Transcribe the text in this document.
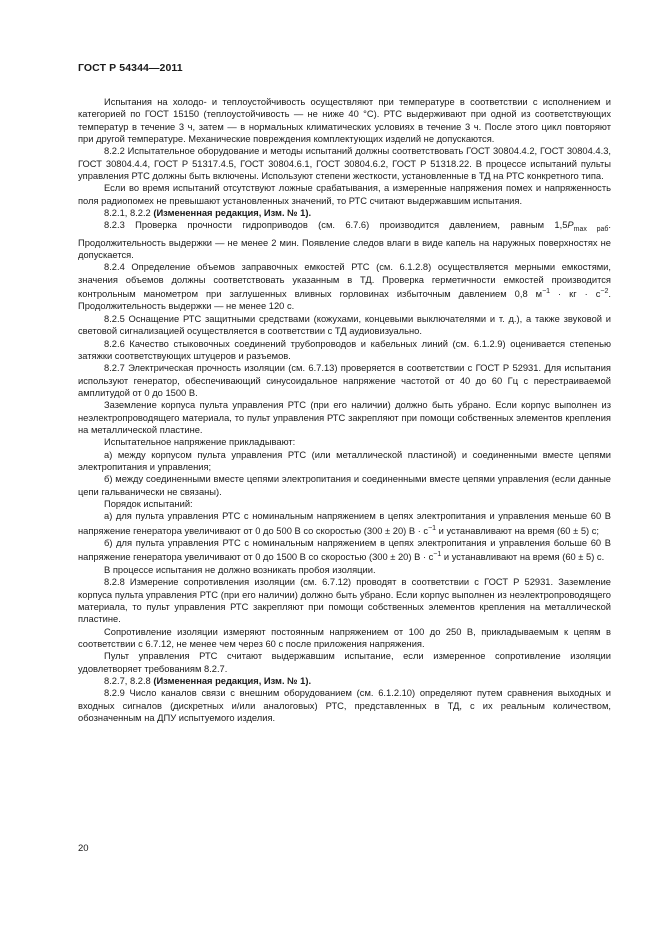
ГОСТ Р 54344—2011

Испытания на холодо- и теплоустойчивость осуществляют при температуре в соответствии с исполнением и категорией по ГОСТ 15150 (теплоустойчивость — не ниже 40 °С). РТС выдерживают при одной из соответствующих температур в течение 3 ч, затем — в нормальных климатических условиях в течение 3 ч. После этого цикл повторяют при другой температуре. Механические повреждения комплектующих изделий не допускаются.

8.2.2 Испытательное оборудование и методы испытаний должны соответствовать ГОСТ 30804.4.2, ГОСТ 30804.4.3, ГОСТ 30804.4.4, ГОСТ Р 51317.4.5, ГОСТ 30804.6.1, ГОСТ 30804.6.2, ГОСТ Р 51318.22. В процессе испытаний пульты управления РТС должны быть включены. Используют степени жесткости, установленные в ТД на РТС конкретного типа.

Если во время испытаний отсутствуют ложные срабатывания, а измеренные напряжения помех и напряженность поля радиопомех не превышают установленных значений, то РТС считают выдержавшим испытания.

8.2.1, 8.2.2 (Измененная редакция, Изм. № 1).

8.2.3 Проверка прочности гидроприводов (см. 6.7.6) производится давлением, равным $1,5P_{max раб}$. Продолжительность выдержки — не менее 2 мин. Появление следов влаги в виде капель на наружных поверхностях не допускается.

8.2.4 Определение объемов заправочных емкостей РТС (см. 6.1.2.8) осуществляется мерными емкостями, значения объемов должны соответствовать указанным в ТД. Проверка герметичности емкостей производится контрольным манометром при заглушенных вливных горловинах избыточным давлением 0,8 $м^{-1}$ · кг · $с^{-2}$. Продолжительность выдержки — не менее 120 с.

8.2.5 Оснащение РТС защитными средствами (кожухами, концевыми выключателями и т. д.), а также звуковой и световой сигнализацией осуществляется в соответствии с ТД аудиовизуально.

8.2.6 Качество стыковочных соединений трубопроводов и кабельных линий (см. 6.1.2.9) оценивается степенью затяжки соответствующих штуцеров и разъемов.

8.2.7 Электрическая прочность изоляции (см. 6.7.13) проверяется в соответствии с ГОСТ Р 52931. Для испытания используют генератор, обеспечивающий синусоидальное напряжение частотой от 40 до 60 Гц с перестраиваемой амплитудой от 0 до 1500 В.

Заземление корпуса пульта управления РТС (при его наличии) должно быть убрано. Если корпус выполнен из неэлектропроводящего материала, то пульт управления РТС закрепляют при помощи собственных элементов крепления на металлической пластине.

Испытательное напряжение прикладывают:

а) между корпусом пульта управления РТС (или металлической пластиной) и соединенными вместе цепями электропитания и управления;

б) между соединенными вместе цепями электропитания и соединенными вместе цепями управления (если данные цепи гальванически не связаны).

Порядок испытаний:

а) для пульта управления РТС с номинальным напряжением в цепях электропитания и управления меньше 60 В напряжение генератора увеличивают от 0 до 500 В со скоростью (300 ± 20) $В \cdot с^{-1}$ и устанавливают на время (60 ± 5) с;

б) для пульта управления РТС с номинальным напряжением в цепях электропитания и управления больше 60 В напряжение генератора увеличивают от 0 до 1500 В со скоростью (300 ± 20) $В \cdot с^{-1}$ и устанавливают на время (60 ± 5) с.

В процессе испытания не должно возникать пробоя изоляции.

8.2.8 Измерение сопротивления изоляции (см. 6.7.12) проводят в соответствии с ГОСТ Р 52931. Заземление корпуса пульта управления РТС (при его наличии) должно быть убрано. Если корпус выполнен из неэлектропроводящего материала, то пульт управления РТС закрепляют при помощи собственных элементов крепления на металлической пластине.

Сопротивление изоляции измеряют постоянным напряжением от 100 до 250 В, прикладываемым к цепям в соответствии с 6.7.12, не менее чем через 60 с после приложения напряжения.

Пульт управления РТС считают выдержавшим испытание, если измеренное сопротивление изоляции удовлетворяет требованиям 8.2.7.

8.2.7, 8.2.8 (Измененная редакция, Изм. № 1).

8.2.9 Число каналов связи с внешним оборудованием (см. 6.1.2.10) определяют путем сравнения выходных и входных сигналов (дискретных и/или аналоговых) РТС, представленных в ТД, с их реальным количеством, обозначенным на ДПУ испытуемого изделия.

20
